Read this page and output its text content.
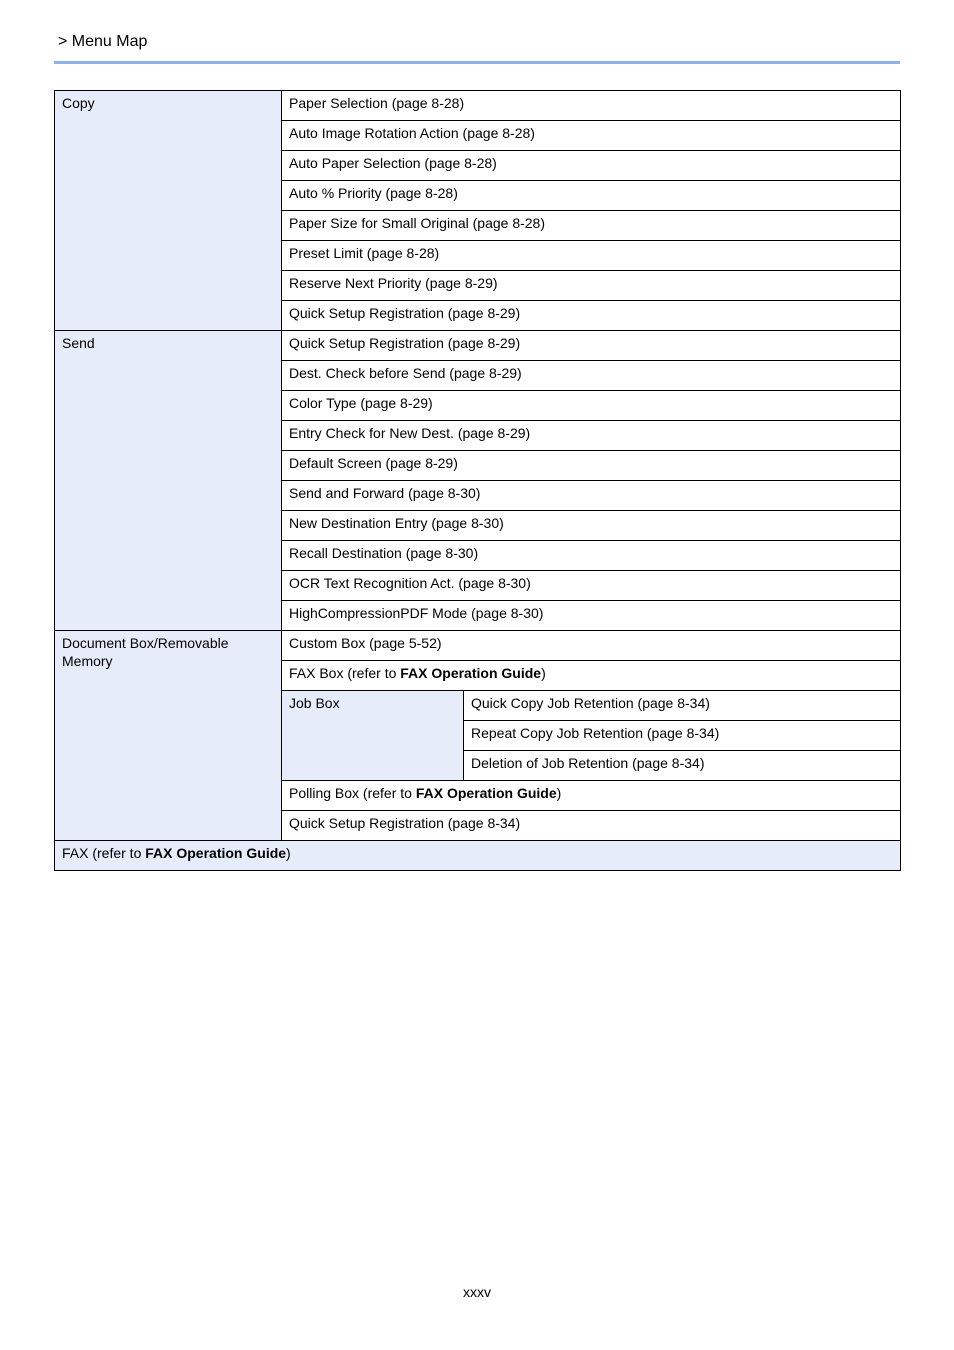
> Menu Map
Copy	Paper Selection (page 8-28)	
	Auto Image Rotation Action (page 8-28)	
	Auto Paper Selection (page 8-28)	
	Auto % Priority (page 8-28)	
	Paper Size for Small Original (page 8-28)	
	Preset Limit (page 8-28)	
	Reserve Next Priority (page 8-29)	
	Quick Setup Registration (page 8-29)	
Send	Quick Setup Registration (page 8-29)	
	Dest. Check before Send (page 8-29)	
	Color Type (page 8-29)	
	Entry Check for New Dest. (page 8-29)	
	Default Screen (page 8-29)	
	Send and Forward (page 8-30)	
	New Destination Entry (page 8-30)	
	Recall Destination (page 8-30)	
	OCR Text Recognition Act. (page 8-30)	
	HighCompressionPDF Mode (page 8-30)	
Document Box/Removable Memory	Custom Box (page 5-52)	
	FAX Box (refer to FAX Operation Guide)	
	Job Box	Quick Copy Job Retention (page 8-34)
		Repeat Copy Job Retention (page 8-34)
		Deletion of Job Retention (page 8-34)
	Polling Box (refer to FAX Operation Guide)	
	Quick Setup Registration (page 8-34)	
FAX (refer to FAX Operation Guide)		
xxxv
